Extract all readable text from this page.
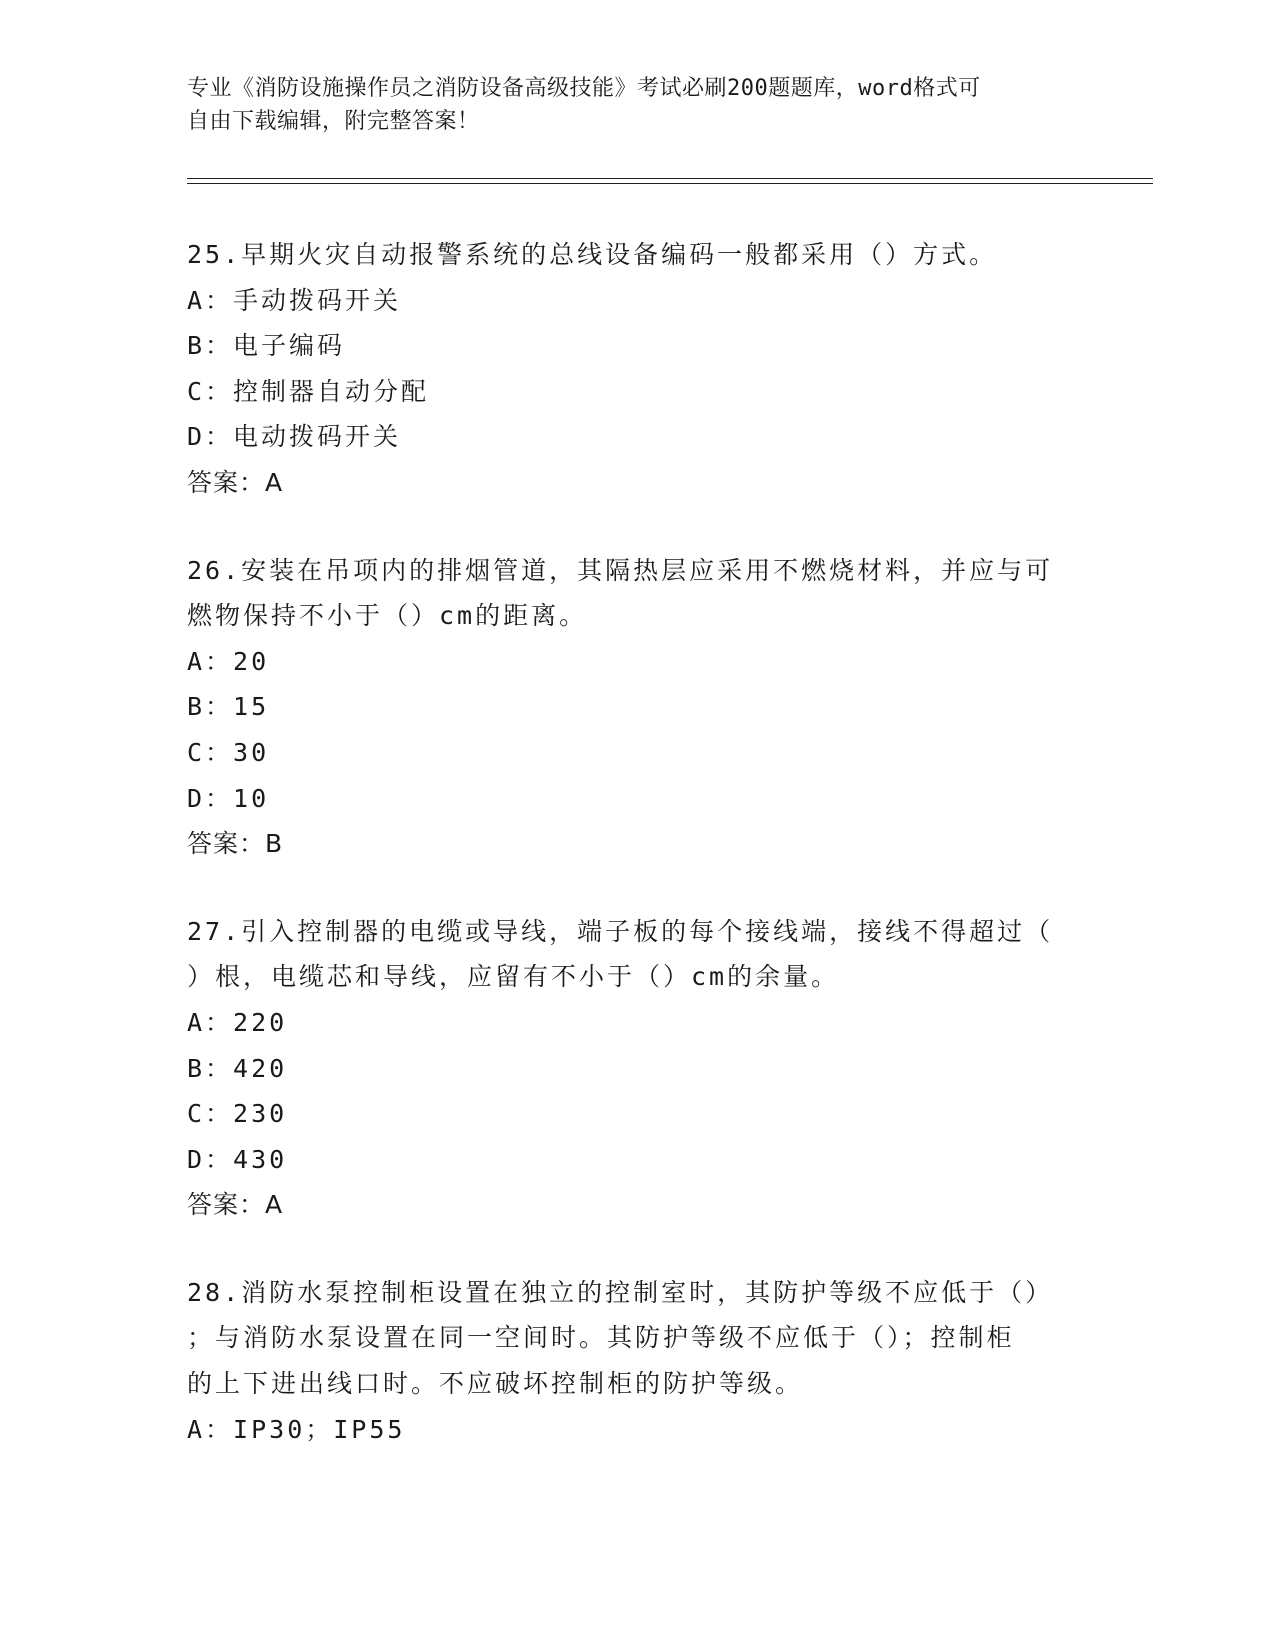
专业《消防设施操作员之消防设备高级技能》考试必刷200题题库，word格式可
自由下载编辑，附完整答案！
25.早期火灾自动报警系统的总线设备编码一般都采用（）方式。
A：手动拨码开关
B：电子编码
C：控制器自动分配
D：电动拨码开关
答案：A
26.安装在吊项内的排烟管道，其隔热层应采用不燃烧材料，并应与可
燃物保持不小于（）cm的距离。
A：20
B：15
C：30
D：10
答案：B
27.引入控制器的电缆或导线，端子板的每个接线端，接线不得超过（
）根，电缆芯和导线，应留有不小于（）cm的余量。
A：220
B：420
C：230
D：430
答案：A
28.消防水泵控制柜设置在独立的控制室时，其防护等级不应低于（）
；与消防水泵设置在同一空间时。其防护等级不应低于（）；控制柜
的上下进出线口时。不应破坏控制柜的防护等级。
A：IP30；IP55
